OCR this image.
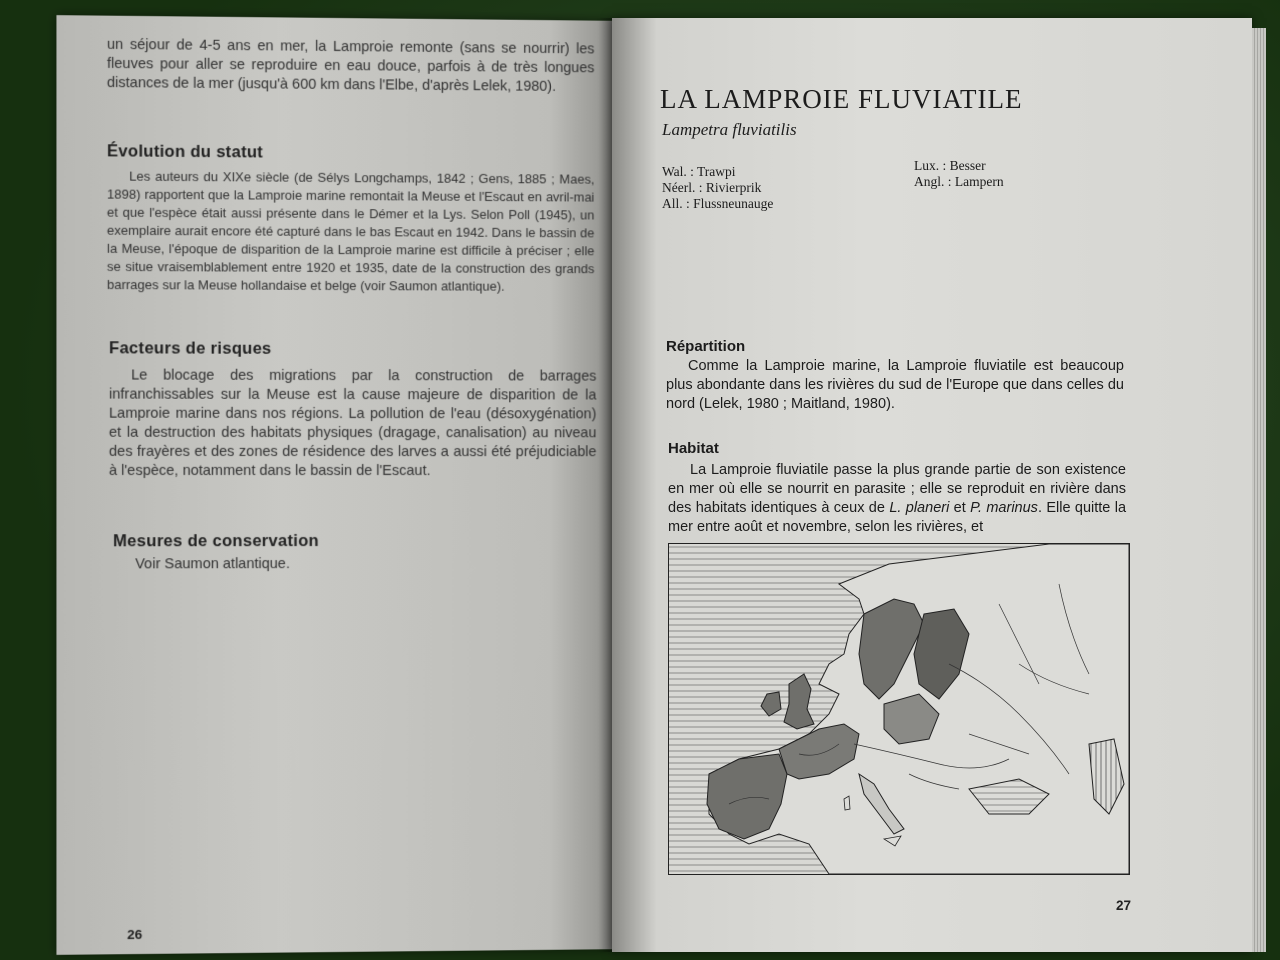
un séjour de 4-5 ans en mer, la Lamproie remonte (sans se nourrir) les fleuves pour aller se reproduire en eau douce, parfois à de très longues distances de la mer (jusqu'à 600 km dans l'Elbe, d'après Lelek, 1980).

Évolution du statut

Les auteurs du XIXe siècle (de Sélys Longchamps, 1842 ; Gens, 1885 ; Maes, 1898) rapportent que la Lamproie marine remontait la Meuse et l'Escaut en avril-mai et que l'espèce était aussi présente dans le Démer et la Lys. Selon Poll (1945), un exemplaire aurait encore été capturé dans le bas Escaut en 1942. Dans le bassin de la Meuse, l'époque de disparition de la Lamproie marine est difficile à préciser ; elle se situe vraisemblablement entre 1920 et 1935, date de la construction des grands barrages sur la Meuse hollandaise et belge (voir Saumon atlantique).

Facteurs de risques

Le blocage des migrations par la construction de barrages infranchissables sur la Meuse est la cause majeure de disparition de la Lamproie marine dans nos régions. La pollution de l'eau (désoxygénation) et la destruction des habitats physiques (dragage, canalisation) au niveau des frayères et des zones de résidence des larves a aussi été préjudiciable à l'espèce, notamment dans le bassin de l'Escaut.

Mesures de conservation

Voir Saumon atlantique.

26
LA LAMPROIE FLUVIATILE
Lampetra fluviatilis
Wal. : Trawpi
Néerl. : Rivierprik
All. : Flussneunauge
Lux. : Besser
Angl. : Lampern
Répartition

Comme la Lamproie marine, la Lamproie fluviatile est beaucoup plus abondante dans les rivières du sud de l'Europe que dans celles du nord (Lelek, 1980 ; Maitland, 1980).

Habitat

La Lamproie fluviatile passe la plus grande partie de son existence en mer où elle se nourrit en parasite ; elle se reproduit en rivière dans des habitats identiques à ceux de L. planeri et P. marinus. Elle quitte la mer entre août et novembre, selon les rivières, et

27
